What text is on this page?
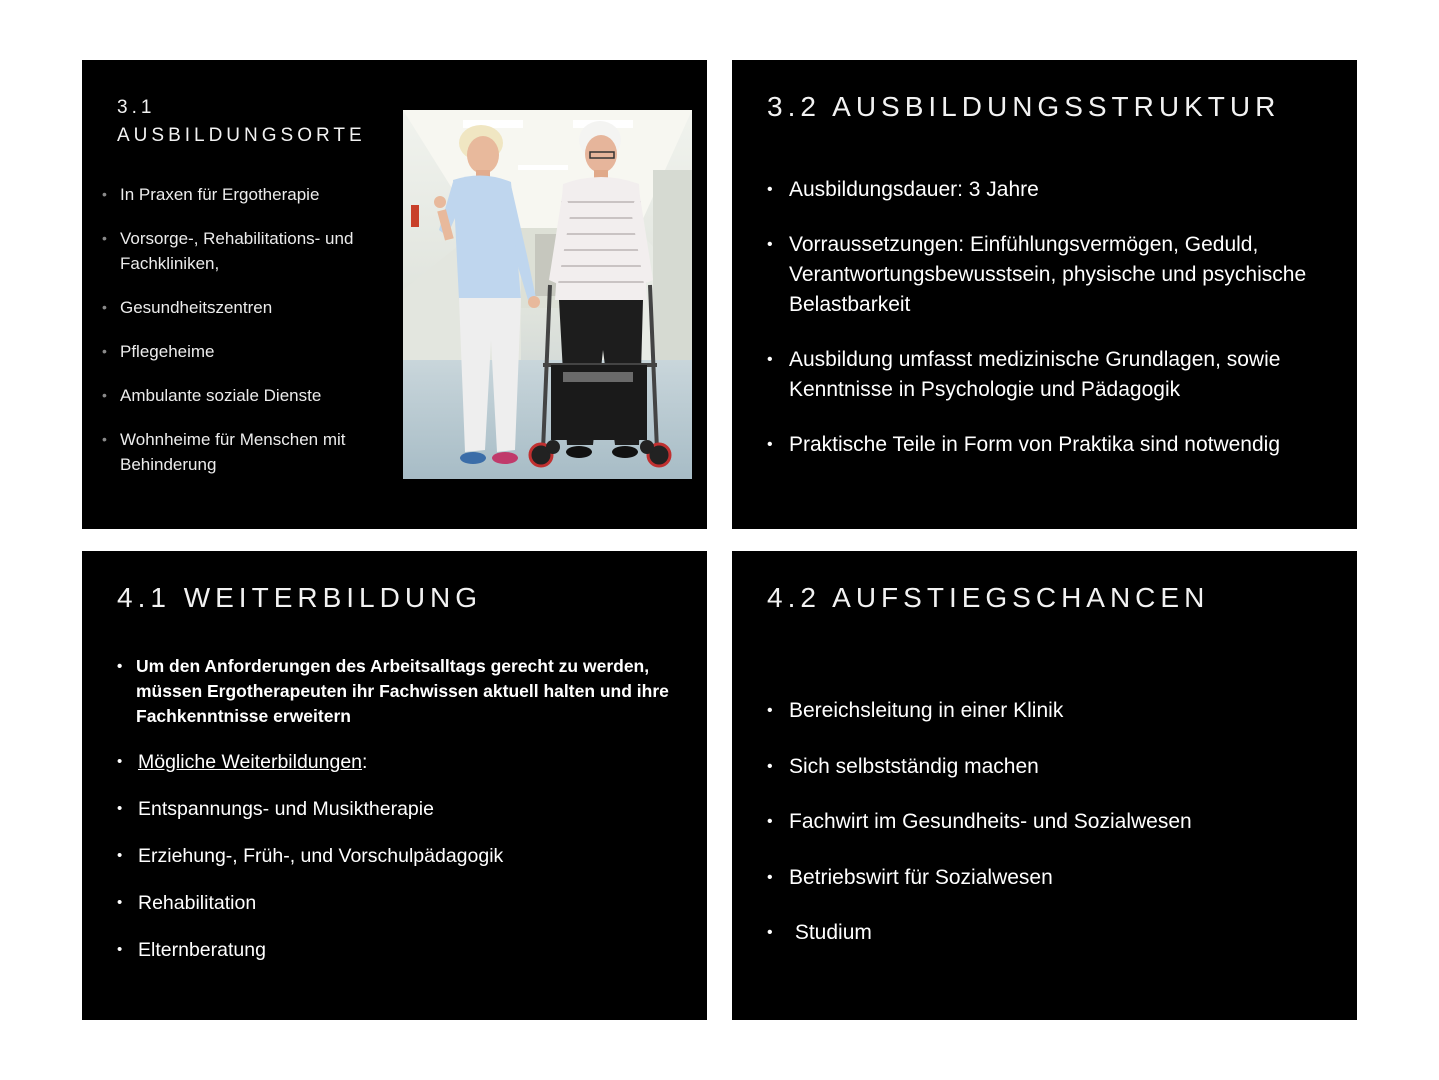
3.1
AUSBILDUNGSORTE
• In Praxen für Ergotherapie
• Vorsorge-, Rehabilitations- und Fachkliniken,
• Gesundheitszentren
• Pflegeheime
• Ambulante soziale Dienste
• Wohnheime für Menschen mit Behinderung
3.2 AUSBILDUNGSSTRUKTUR
• Ausbildungsdauer: 3 Jahre
• Vorraussetzungen: Einfühlungsvermögen, Geduld, Verantwortungsbewusstsein, physische und psychische Belastbarkeit
• Ausbildung umfasst medizinische Grundlagen, sowie Kenntnisse in Psychologie und Pädagogik
• Praktische Teile in Form von Praktika sind notwendig
4.1 WEITERBILDUNG
• Um den Anforderungen des Arbeitsalltags gerecht zu werden, müssen Ergotherapeuten ihr Fachwissen aktuell halten und ihre Fachkenntnisse erweitern
• Mögliche Weiterbildungen:
• Entspannungs- und Musiktherapie
• Erziehung-, Früh-, und Vorschulpädagogik
• Rehabilitation
• Elternberatung
4.2 AUFSTIEGSCHANCEN
• Bereichsleitung in einer Klinik
• Sich selbstständig machen
• Fachwirt im Gesundheits- und Sozialwesen
• Betriebswirt für Sozialwesen
• Studium
